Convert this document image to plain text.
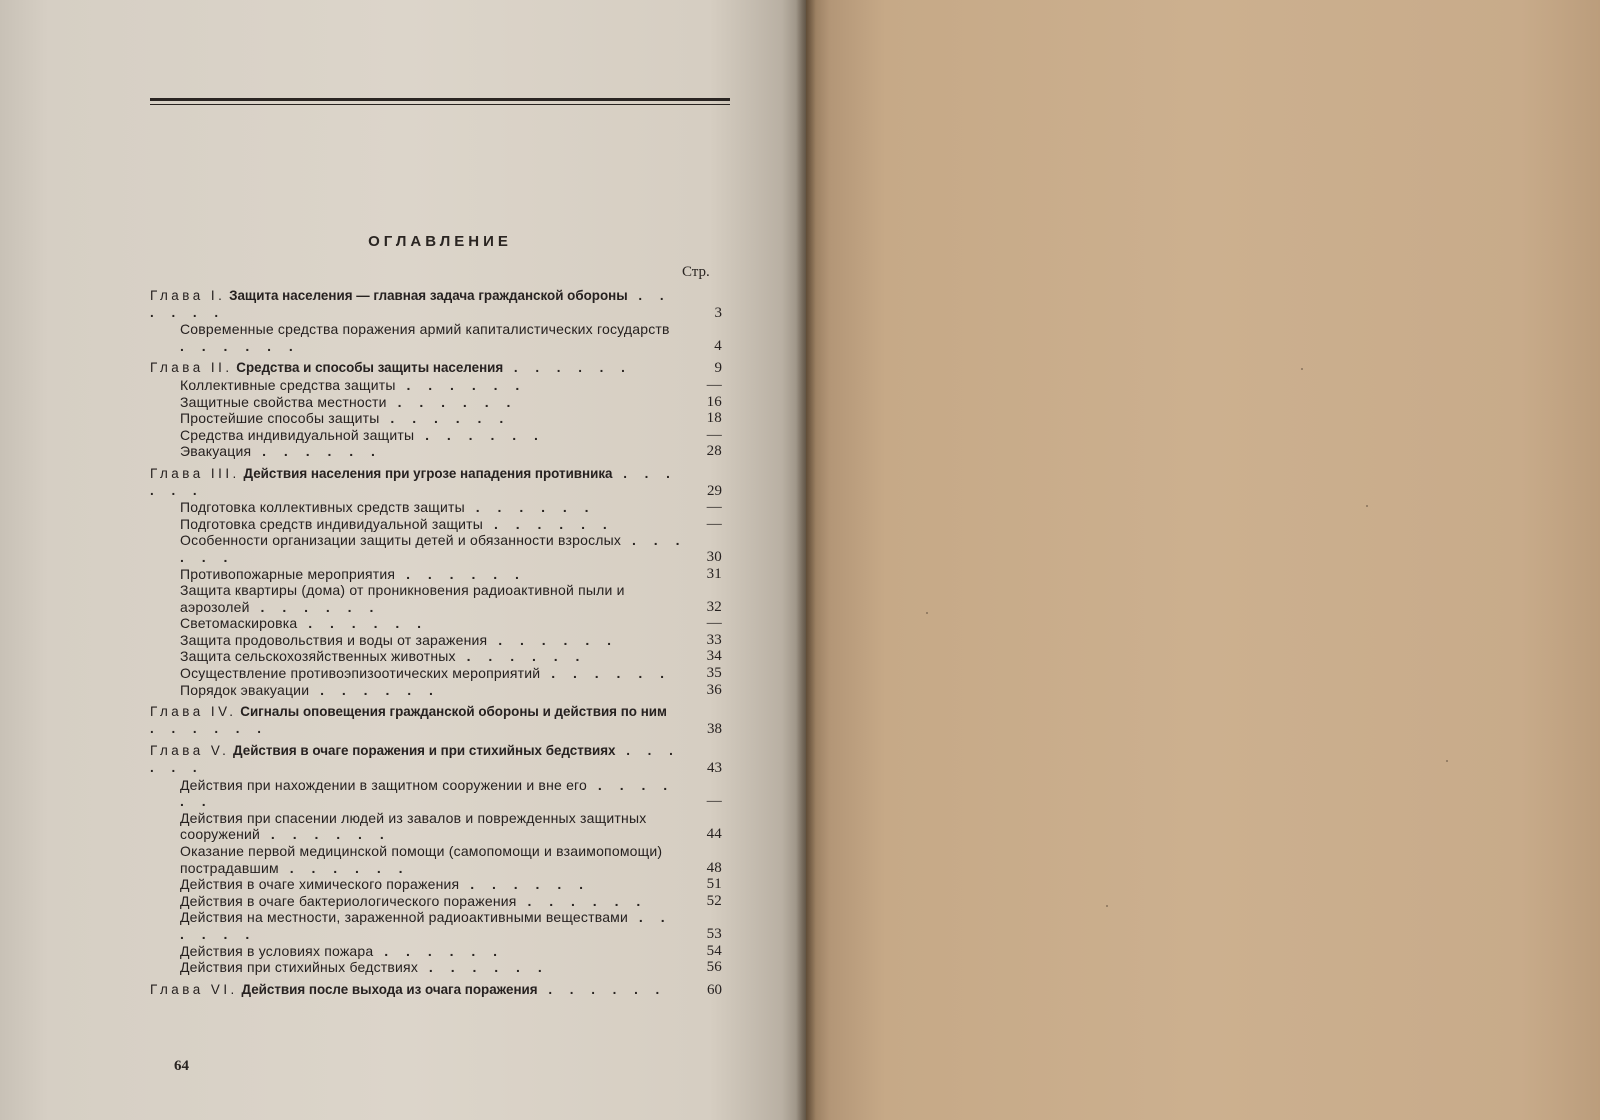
ОГЛАВЛЕНИЕ
Стр.
Глава I. Защита населения — главная задача гражданской обороны . . . . . .	3
Современные средства поражения армий капиталистических государств . . . . . .	4
Глава II. Средства и способы защиты населения . . . . . .	9
Коллективные средства защиты . . . . . .	—
Защитные свойства местности . . . . . .	16
Простейшие способы защиты . . . . . .	18
Средства индивидуальной защиты . . . . . .	—
Эвакуация . . . . . .	28
Глава III. Действия населения при угрозе нападения противника . . . . . .	29
Подготовка коллективных средств защиты . . . . . .	—
Подготовка средств индивидуальной защиты . . . . . .	—
Особенности организации защиты детей и обязанности взрослых . . . . . .	30
Противопожарные мероприятия . . . . . .	31
Защита квартиры (дома) от проникновения радиоактивной пыли и аэрозолей . . . . . .	32
Светомаскировка . . . . . .	—
Защита продовольствия и воды от заражения . . . . . .	33
Защита сельскохозяйственных животных . . . . . .	34
Осуществление противоэпизоотических мероприятий . . . . . .	35
Порядок эвакуации . . . . . .	36
Глава IV. Сигналы оповещения гражданской обороны и действия по ним . . . . . .	38
Глава V. Действия в очаге поражения и при стихийных бедствиях . . . . . .	43
Действия при нахождении в защитном сооружении и вне его . . . . . .	—
Действия при спасении людей из завалов и поврежденных защитных сооружений . . . . . .	44
Оказание первой медицинской помощи (самопомощи и взаимопомощи) пострадавшим . . . . . .	48
Действия в очаге химического поражения . . . . . .	51
Действия в очаге бактериологического поражения . . . . . .	52
Действия на местности, зараженной радиоактивными веществами . . . . . .	53
Действия в условиях пожара . . . . . .	54
Действия при стихийных бедствиях . . . . . .	56
Глава VI. Действия после выхода из очага поражения . . . . . .	60
64
